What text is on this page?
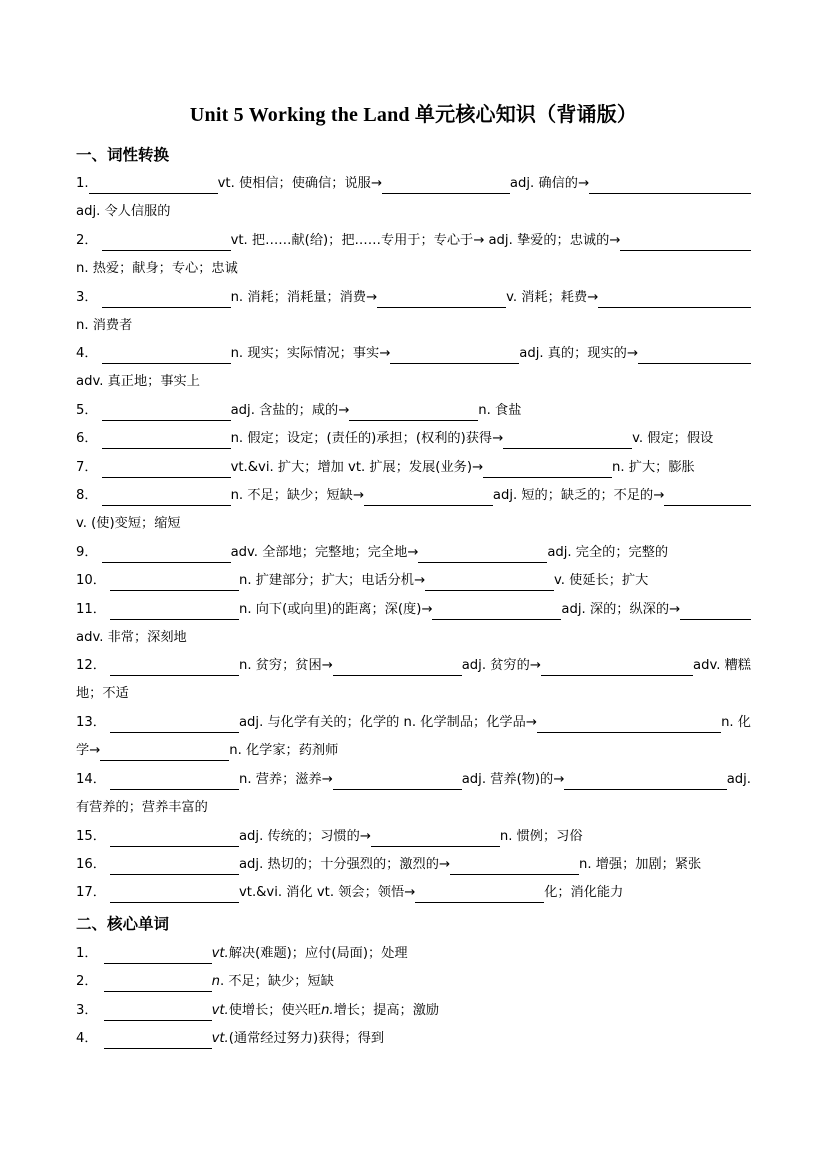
Unit 5 Working the Land 单元核心知识（背诵版）
一、词性转换
1.	vt. 使相信；使确信；说服→	adj. 确信的→
adj. 令人信服的
2．	vt. 把……献(给)；把……专用于；专心于→ adj. 挚爱的；忠诚的→
n. 热爱；献身；专心；忠诚
3．	n. 消耗；消耗量；消费→	v. 消耗；耗费→
n. 消费者
4．	n. 现实；实际情况；事实→	adj. 真的；现实的→
adv. 真正地；事实上
5．	adj. 含盐的；咸的→	n. 食盐
6．	n. 假定；设定；(责任的)承担；(权利的)获得→	v. 假定；假设
7．	vt.&vi. 扩大；增加 vt. 扩展；发展(业务)→	n. 扩大；膨胀
8．	n. 不足；缺少；短缺→	adj. 短的；缺乏的；不足的→
v. (使)变短；缩短
9．	adv. 全部地；完整地；完全地→	adj. 完全的；完整的
10．	n. 扩建部分；扩大；电话分机→	v. 使延长；扩大
11．	n. 向下(或向里)的距离；深(度)→	adj. 深的；纵深的→
adv. 非常；深刻地
12．	n. 贫穷；贫困→	adj. 贫穷的→	adv. 糟糕
地；不适
13．	adj. 与化学有关的；化学的 n. 化学制品；化学品→	n. 化
学→	n. 化学家；药剂师
14．	n. 营养；滋养→	adj. 营养(物)的→	adj.
有营养的；营养丰富的
15．	adj. 传统的；习惯的→	n. 惯例；习俗
16．	adj. 热切的；十分强烈的；激烈的→	n. 增强；加剧；紧张
17．	vt.&vi. 消化 vt. 领会；领悟→	化；消化能力
二、核心单词
1．	vt. 解决(难题)；应付(局面)；处理
2．	n . 不足；缺少；短缺
3．	vt. 使增长；使兴旺 n. 增长；提高；激励
4．	vt. (通常经过努力)获得；得到
